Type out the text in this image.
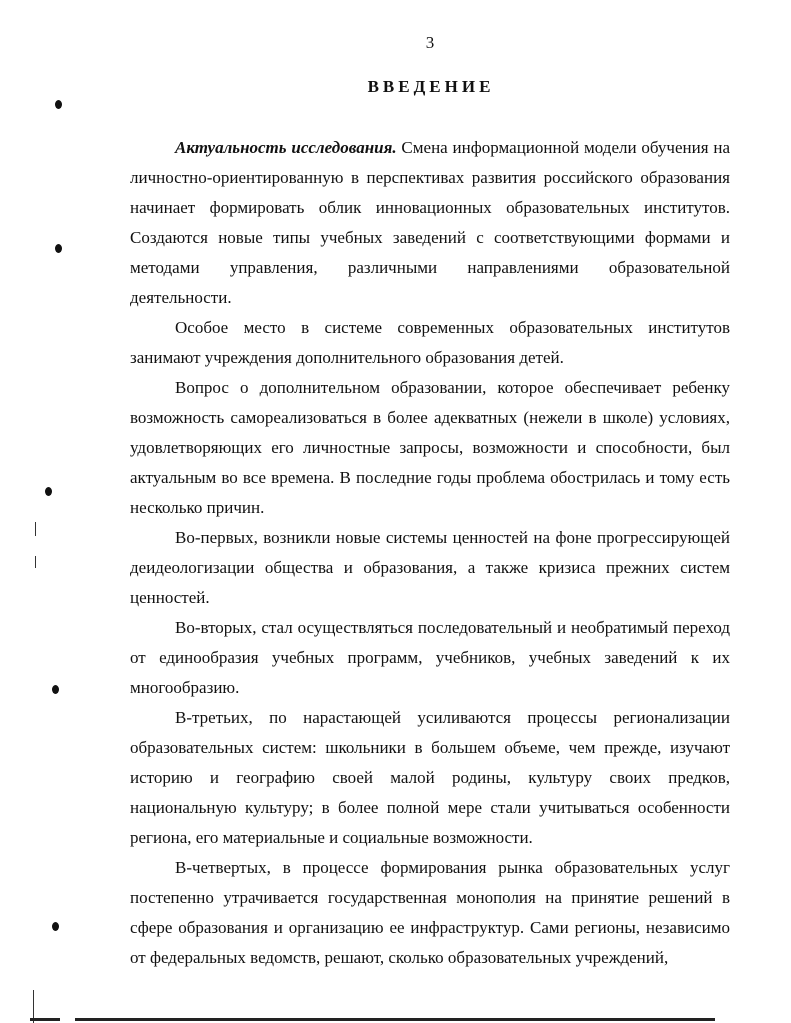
3
ВВЕДЕНИЕ

Актуальность исследования. Смена информационной модели обучения на личностно-ориентированную в перспективах развития российского образования начинает формировать облик инновационных образовательных институтов. Создаются новые типы учебных заведений с соответствующими формами и методами управления, различными направлениями образовательной деятельности.

Особое место в системе современных образовательных институтов занимают учреждения дополнительного образования детей.

Вопрос о дополнительном образовании, которое обеспечивает ребенку возможность самореализоваться в более адекватных (нежели в школе) условиях, удовлетворяющих его личностные запросы, возможности и способности, был актуальным во все времена. В последние годы проблема обострилась и тому есть несколько причин.

Во-первых, возникли новые системы ценностей на фоне прогрессирующей деидеологизации общества и образования, а также кризиса прежних систем ценностей.

Во-вторых, стал осуществляться последовательный и необратимый переход от единообразия учебных программ, учебников, учебных заведений к их многообразию.

В-третьих, по нарастающей усиливаются процессы регионализации образовательных систем: школьники в большем объеме, чем прежде, изучают историю и географию своей малой родины, культуру своих предков, национальную культуру; в более полной мере стали учитываться особенности региона, его материальные и социальные возможности.

В-четвертых, в процессе формирования рынка образовательных услуг постепенно утрачивается государственная монополия на принятие решений в сфере образования и организацию ее инфраструктур. Сами регионы, независимо от федеральных ведомств, решают, сколько образовательных учреждений,
